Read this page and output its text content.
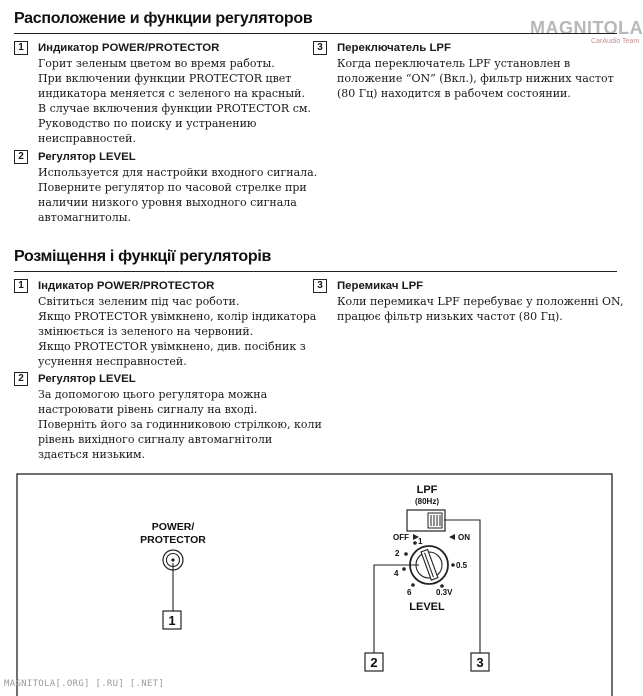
MAGNITOLA
CarAudio Team
Расположение и функции регуляторов
1	Индикатор POWER/PROTECTOR
Горит зеленым цветом во время работы.
При включении функции PROTECTOR цвет
индикатора меняется с зеленого на красный.
В случае включения функции PROTECTOR см.
Руководство по поиску и устранению
неисправностей.
2	Регулятор LEVEL
Используется для настройки входного сигнала.
Поверните регулятор по часовой стрелке при
наличии низкого уровня выходного сигнала
автомагнитолы.
3	Переключатель LPF
Когда переключатель LPF установлен в
положение “ON” (Вкл.), фильтр нижних частот
(80 Гц) находится в рабочем состоянии.
Розміщення і функції регуляторів
1	Індикатор POWER/PROTECTOR
Світиться зеленим під час роботи.
Якщо PROTECTOR увімкнено, колір індикатора
змінюється із зеленого на червоний.
Якщо PROTECTOR увімкнено, див. посібник з
усунення несправностей.
2	Регулятор LEVEL
За допомогою цього регулятора можна
настроювати рівень сигналу на вході.
Поверніть його за годинниковою стрілкою, коли
рівень вихідного сигналу автомагнітоли
здається низьким.
3	Перемикач LPF
Коли перемикач LPF перебуває у положенні ON,
працює фільтр низьких частот (80 Гц).
POWER/
PROTECTOR
1
LPF
(80Hz)
OFF	ON
1
2
4
6	0.3V
0.5
LEVEL
2	3
MAGNITOLA[.ORG] [.RU] [.NET]
